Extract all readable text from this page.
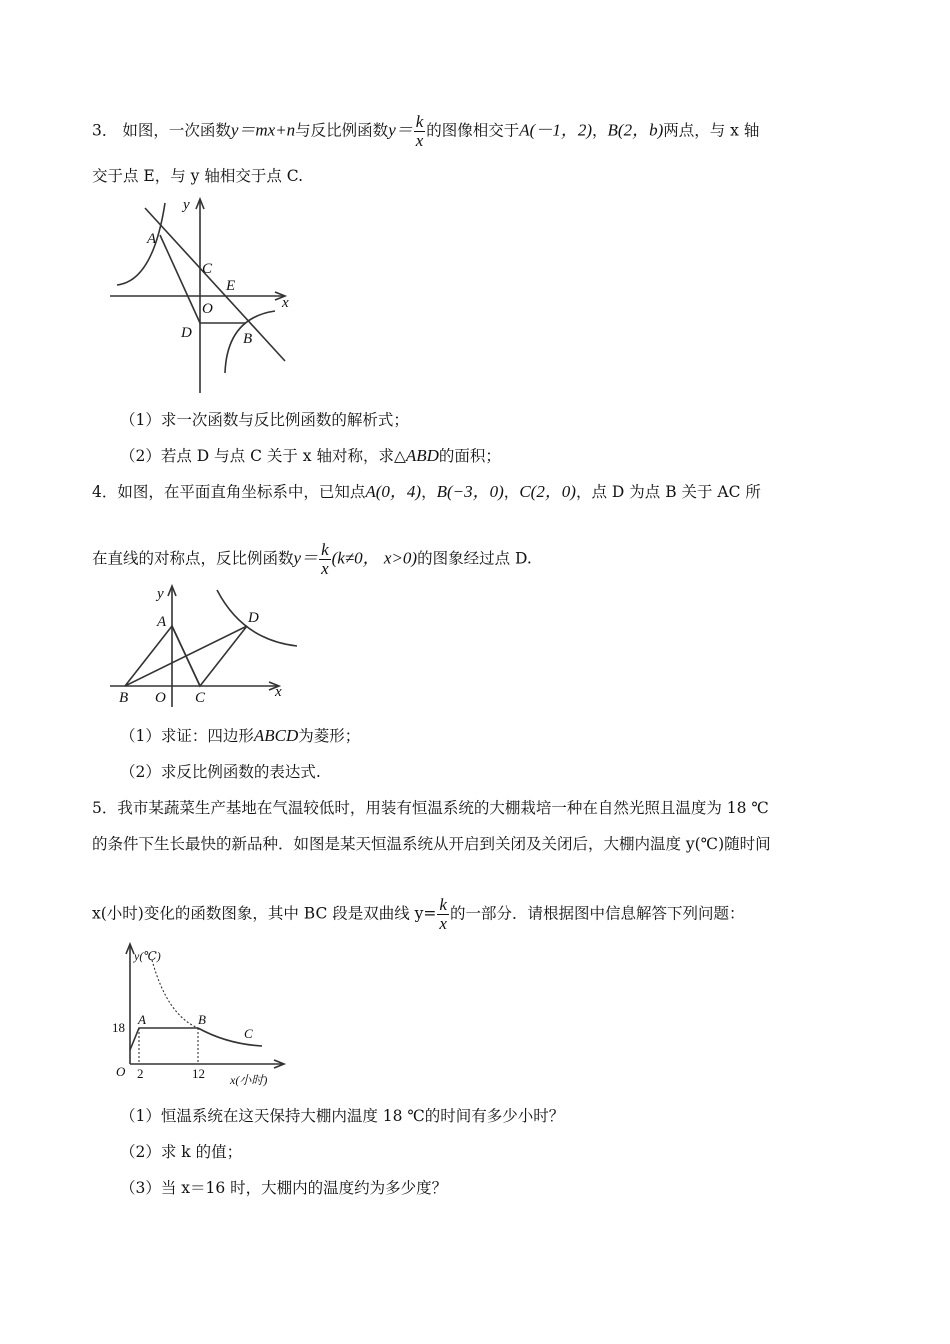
3． 如图，一次函数y＝mx+n与反比例函数$y= \frac{k}{x}$ 的图像相交于A(－1，2)，B(2，b)两点，与 x 轴
交于点 E，与 y 轴相交于点 C.
y
A
C
E
O	x
D	B
（1）求一次函数与反比例函数的解析式；
（2）若点 D 与点 C 关于 x 轴对称，求△ABD的面积；
4．如图，在平面直角坐标系中，已知点A(0，4)，B(−3，0)，C(2，0)，点 D 为点 B 关于 AC 所
在直线的对称点，反比例函数$y= \frac{k}{x} (k\ne 0$， x>0)的图象经过点 D.
y
A	D
B O C	x
（1）求证：四边形ABCD为菱形；
（2）求反比例函数的表达式.
5．我市某蔬菜生产基地在气温较低时，用装有恒温系统的大棚栽培一种在自然光照且温度为 18 ℃
的条件下生长最快的新品种．如图是某天恒温系统从开启到关闭及关闭后，大棚内温度 y(℃)随时间
x(小时)变化的函数图象，其中 BC 段是双曲线 $y= \frac{k}{x}$ 的一部分．请根据图中信息解答下列问题：
y(℃)
18
A	B
C
O 2	12 x(小时)
（1）恒温系统在这天保持大棚内温度 18 ℃的时间有多少小时？
（2）求 k 的值；
（3）当 x＝16 时，大棚内的温度约为多少度？
